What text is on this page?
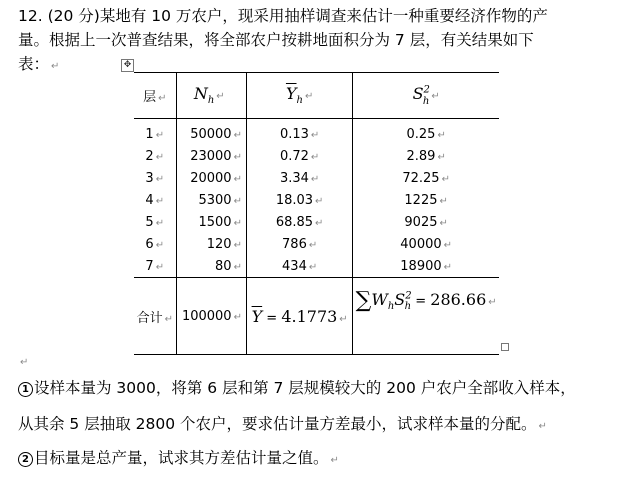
12. (20 分)某地有 10 万农户，现采用抽样调查来估计一种重要经济作物的产
量。根据上一次普查结果，将全部农户按耕地面积分为 7 层，有关结果如下
表： ↵	✥
层 ↵	$N_h$ ↵	$\overline{Y}_h$ ↵	$S^2_h$ ↵
1 ↵	50000 ↵	0.13 ↵	0.25 ↵
2 ↵	23000 ↵	0.72 ↵	2.89 ↵
3 ↵	20000 ↵	3.34 ↵	72.25 ↵
4 ↵	5300 ↵	18.03 ↵	1225 ↵
5 ↵	1500 ↵	68.85 ↵	9025 ↵
6 ↵	120 ↵	786 ↵	40000 ↵
7 ↵	80 ↵	434 ↵	18900 ↵
合计 ↵	100000 ↵	$\overline{Y} = 4.1773$ ↵	$\sum W_hS^2_h = 286.66$ ↵
↵
1 设样本量为 3000，将第 6 层和第 7 层规模较大的 200 户农户全部收入样本，
从其余 5 层抽取 2800 个农户，要求估计量方差最小，试求样本量的分配。 ↵
2 目标量是总产量，试求其方差估计量之值。 ↵
